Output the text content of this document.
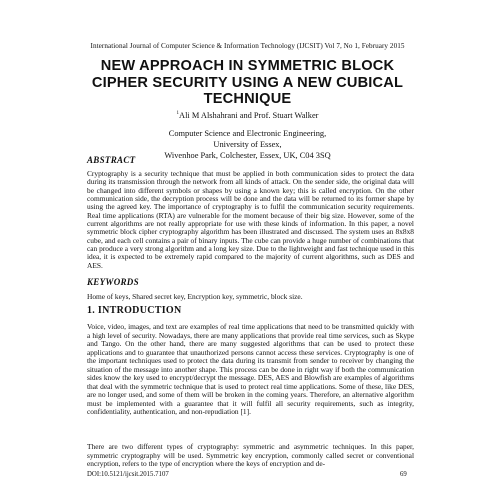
International Journal of Computer Science & Information Technology (IJCSIT) Vol 7, No 1, February 2015
NEW APPROACH IN SYMMETRIC BLOCK
CIPHER SECURITY USING A NEW CUBICAL
TECHNIQUE
$^1$Ali M Alshahrani and Prof. Stuart Walker
Computer Science and Electronic Engineering,
University of Essex,
Wivenhoe Park, Colchester, Essex, UK, C04 3SQ
ABSTRACT
Cryptography is a security technique that must be applied in both communication sides to protect the data during its transmission through the network from all kinds of attack. On the sender side, the original data will be changed into different symbols or shapes by using a known key; this is called encryption. On the other communication side, the decryption process will be done and the data will be returned to its former shape by using the agreed key. The importance of cryptography is to fulfil the communication security requirements. Real time applications (RTA) are vulnerable for the moment because of their big size. However, some of the current algorithms are not really appropriate for use with these kinds of information. In this paper, a novel symmetric block cipher cryptography algorithm has been illustrated and discussed. The system uses an 8x8x8 cube, and each cell contains a pair of binary inputs. The cube can provide a huge number of combinations that can produce a very strong algorithm and a long key size. Due to the lightweight and fast technique used in this idea, it is expected to be extremely rapid compared to the majority of current algorithms, such as DES and AES.
KEYWORDS
Home of keys, Shared secret key, Encryption key, symmetric, block size.
1. INTRODUCTION
Voice, video, images, and text are examples of real time applications that need to be transmitted quickly with a high level of security. Nowadays, there are many applications that provide real time services, such as Skype and Tango. On the other hand, there are many suggested algorithms that can be used to protect these applications and to guarantee that unauthorized persons cannot access these services. Cryptography is one of the important techniques used to protect the data during its transmit from sender to receiver by changing the situation of the message into another shape. This process can be done in right way if both the communication sides know the key used to encrypt/decrypt the message. DES, AES and Blowfish are examples of algorithms that deal with the symmetric technique that is used to protect real time applications. Some of these, like DES, are no longer used, and some of them will be broken in the coming years. Therefore, an alternative algorithm must be implemented with a guarantee that it will fulfil all security requirements, such as integrity, confidentiality, authentication, and non-repudiation [1].
There are two different types of cryptography: symmetric and asymmetric techniques. In this paper, symmetric cryptography will be used. Symmetric key encryption, commonly called secret or conventional encryption, refers to the type of encryption where the keys of encryption and de-
DOI:10.5121/ijcsit.2015.7107	69
